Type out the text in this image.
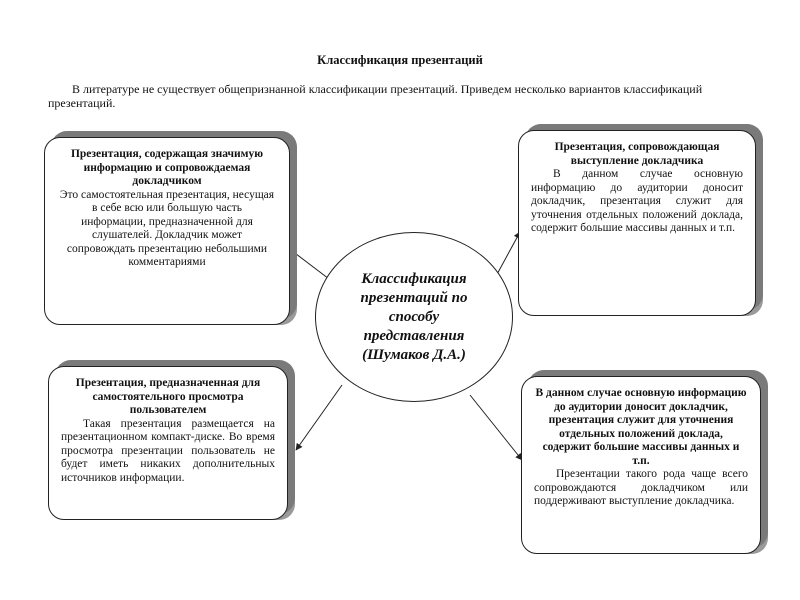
Классификация презентаций
В литературе не существует общепризнанной классификации презентаций. Приведем несколько вариантов классификаций презентаций.
Презентация, содержащая значимую информацию и сопровождаемая докладчиком
Это самостоятельная презентация, несущая в себе всю или большую часть информации, предназначенной для слушателей. Докладчик может сопровождать презентацию небольшими комментариями
Презентация, сопровождающая выступление докладчика
В данном случае основную информацию до аудитории доносит докладчик, презентация служит для уточнения отдельных положений доклада, содержит большие массивы данных и т.п.
Презентация, предназначенная для самостоятельного просмотра пользователем
Такая презентация размещается на презентационном компакт-диске. Во время просмотра презентации пользователь не будет иметь никаких дополнительных источников информации.
В данном случае основную информацию до аудитории доносит докладчик, презентация служит для уточнения отдельных положений доклада, содержит большие массивы данных и т.п.
Презентации такого рода чаще всего сопровождаются докладчиком или поддерживают выступление докладчика.
Классификация презентаций по способу представления (Шумаков Д.А.)
